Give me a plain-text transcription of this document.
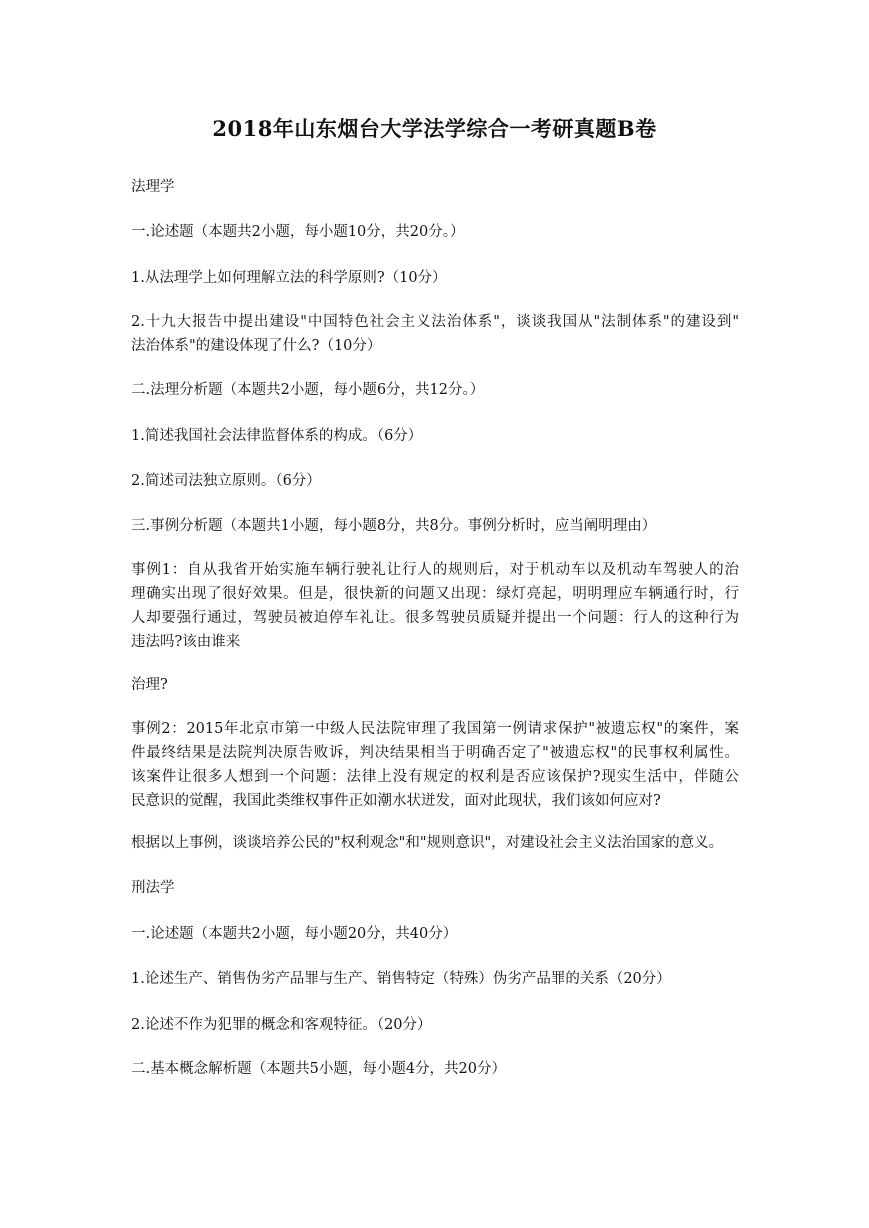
2018年山东烟台大学法学综合一考研真题B卷
法理学
一.论述题（本题共2小题，每小题10分，共20分。）
1.从法理学上如何理解立法的科学原则?（10分）
2.十九大报告中提出建设"中国特色社会主义法治体系"，谈谈我国从"法制体系"的建设到"
法治体系"的建设体现了什么?（10分）
二.法理分析题（本题共2小题，每小题6分，共12分。）
1.简述我国社会法律监督体系的构成。（6分）
2.简述司法独立原则。（6分）
三.事例分析题（本题共1小题，每小题8分，共8分。事例分析时，应当阐明理由）
事例1：自从我省开始实施车辆行驶礼让行人的规则后，对于机动车以及机动车驾驶人的治
理确实出现了很好效果。但是，很快新的问题又出现：绿灯亮起，明明理应车辆通行时，行
人却要强行通过，驾驶员被迫停车礼让。很多驾驶员质疑并提出一个问题：行人的这种行为
违法吗?该由谁来
治理?
事例2：2015年北京市第一中级人民法院审理了我国第一例请求保护"被遗忘权"的案件，案
件最终结果是法院判决原告败诉，判决结果相当于明确否定了"被遗忘权"的民事权利属性。
该案件让很多人想到一个问题：法律上没有规定的权利是否应该保护?现实生活中，伴随公
民意识的觉醒，我国此类维权事件正如潮水状迸发，面对此现状，我们该如何应对?
根据以上事例，谈谈培养公民的"权利观念"和"规则意识"，对建设社会主义法治国家的意义。
刑法学
一.论述题（本题共2小题，每小题20分，共40分）
1.论述生产、销售伪劣产品罪与生产、销售特定（特殊）伪劣产品罪的关系（20分）
2.论述不作为犯罪的概念和客观特征。（20分）
二.基本概念解析题（本题共5小题，每小题4分，共20分）
